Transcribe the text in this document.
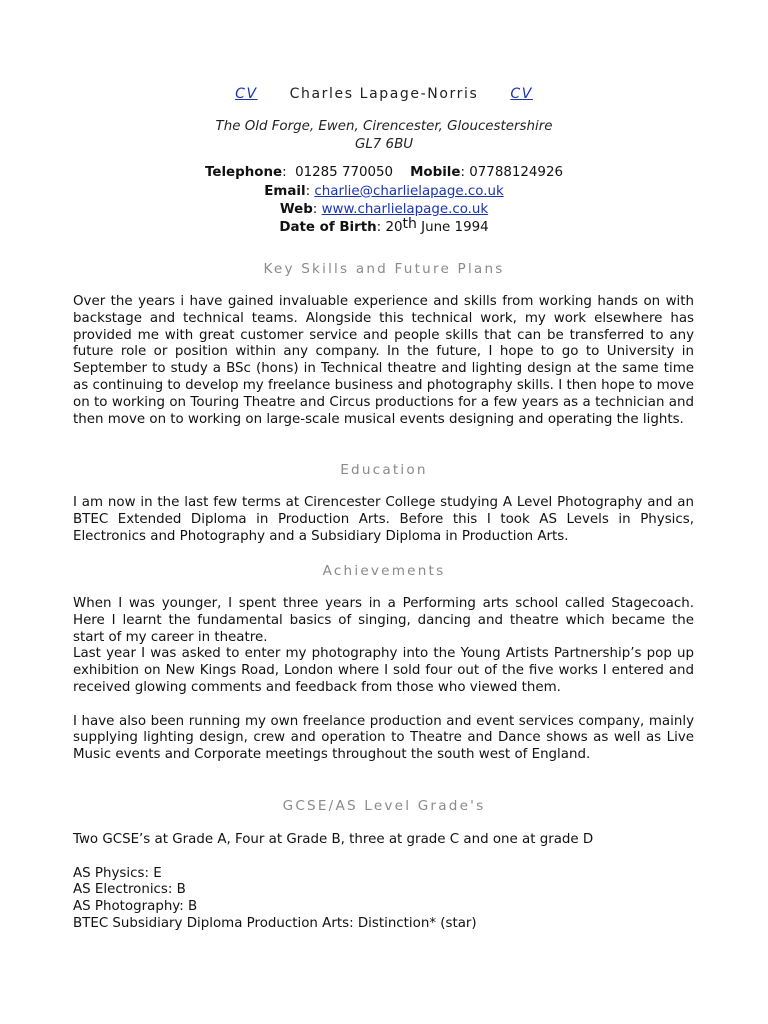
CV Charles Lapage-Norris CV
The Old Forge, Ewen, Cirencester, Gloucestershire
GL7 6BU
Telephone:  01285 770050 Mobile: 07788124926
Email: charlie@charlielapage.co.uk
Web: www.charlielapage.co.uk
Date of Birth: 20th June 1994
Key Skills and Future Plans

Over the years i have gained invaluable experience and skills from working hands on with backstage and technical teams. Alongside this technical work, my work elsewhere has provided me with great customer service and people skills that can be transferred to any future role or position within any company. In the future, I hope to go to University in September to study a BSc (hons) in Technical theatre and lighting design at the same time as continuing to develop my freelance business and photography skills. I then hope to move on to working on Touring Theatre and Circus productions for a few years as a technician and then move on to working on large-scale musical events designing and operating the lights.

Education

I am now in the last few terms at Cirencester College studying A Level Photography and an BTEC Extended Diploma in Production Arts. Before this I took AS Levels in Physics, Electronics and Photography and a Subsidiary Diploma in Production Arts.

Achievements

When I was younger, I spent three years in a Performing arts school called Stagecoach. Here I learnt the fundamental basics of singing, dancing and theatre which became the start of my career in theatre.

Last year I was asked to enter my photography into the Young Artists Partnership’s pop up exhibition on New Kings Road, London where I sold four out of the five works I entered and received glowing comments and feedback from those who viewed them.

I have also been running my own freelance production and event services company, mainly supplying lighting design, crew and operation to Theatre and Dance shows as well as Live Music events and Corporate meetings throughout the south west of England.

GCSE/AS Level Grade's
Two GCSE’s at Grade A, Four at Grade B, three at grade C and one at grade D
AS Physics: E
AS Electronics: B
AS Photography: B
BTEC Subsidiary Diploma Production Arts: Distinction* (star)
